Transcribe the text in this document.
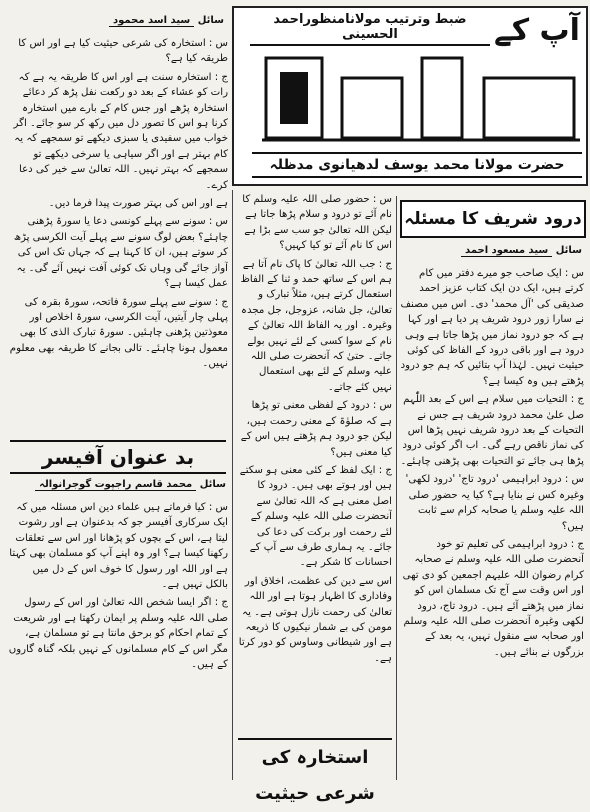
ضبط وترتیب مولانامنظوراحمد الحسینی	آپ کے
حضرت مولانا محمد یوسف لدھیانوی مدظلہ
سائل سید اسد محمود

س : استخارہ کی شرعی حیثیت کیا ہے اور اس کا طریقہ کیا ہے؟

ج : استخارہ سنت ہے اور اس کا طریقہ یہ ہے کہ رات کو عشاء کے بعد دو رکعت نفل پڑھ کر دعائے استخارہ پڑھے اور جس کام کے بارے میں استخارہ کرنا ہو اس کا تصور دل میں رکھ کر سو جائے۔ اگر خواب میں سفیدی یا سبزی دیکھے تو سمجھے کہ یہ کام بہتر ہے اور اگر سیاہی یا سرخی دیکھے تو سمجھے کہ بہتر نہیں۔ اللہ تعالیٰ سے خیر کی دعا کرے۔

ہے اور اس کی بہتر صورت پیدا فرما دیں۔

س : سونے سے پہلے کونسی دعا یا سورۃ پڑھنی چاہئے؟ بعض لوگ سونے سے پہلے آیت الکرسی پڑھ کر سوتے ہیں، ان کا کہنا ہے کہ جہاں تک اس کی آواز جائے گی وہاں تک کوئی آفت نہیں آئے گی۔ یہ عمل کیسا ہے؟

ج : سونے سے پہلے سورۃ فاتحہ، سورۃ بقرہ کی پہلی چار آیتیں، آیت الکرسی، سورۃ اخلاص اور معوذتین پڑھنی چاہئیں۔ سورۃ تبارک الذی کا بھی معمول ہونا چاہئے۔ تالی بجانے کا طریقہ بھی معلوم نہیں۔

بد عنوان آفیسر
سائل محمد قاسم راجپوت گوجرانوالہ

س : کیا فرماتے ہیں علماء دین اس مسئلہ میں کہ ایک سرکاری آفیسر جو کہ بدعنوان ہے اور رشوت لیتا ہے، اس کے بچوں کو پڑھانا اور اس سے تعلقات رکھنا کیسا ہے؟ اور وہ اپنے آپ کو مسلمان بھی کہتا ہے اور اللہ اور رسول کا خوف اس کے دل میں بالکل نہیں ہے۔

ج : اگر ایسا شخص اللہ تعالیٰ اور اس کے رسول صلی اللہ علیہ وسلم پر ایمان رکھتا ہے اور شریعت کے تمام احکام کو برحق مانتا ہے تو مسلمان ہے، مگر اس کے کام مسلمانوں کے نہیں بلکہ گناہ گاروں کے ہیں۔

درود شریف کا مسئلہ
سائل سید مسعود احمد

س : ایک صاحب جو میرے دفتر میں کام کرتے ہیں، ایک دن ایک کتاب عزیز احمد صدیقی کی 'آل محمد' دی۔ اس میں مصنف نے سارا زور درود شریف پر دیا ہے اور کہا ہے کہ جو درود نماز میں پڑھا جاتا ہے وہی درود ہے اور باقی درود کے الفاظ کی کوئی حیثیت نہیں۔ لہٰذا آپ بتائیں کہ ہم جو درود پڑھتے ہیں وہ کیسا ہے؟

ج : التحیات میں سلام ہے اس کے بعد اللّٰہم صل علیٰ محمد درود شریف ہے جس نے التحیات کے بعد درود شریف نہیں پڑھا اس کی نماز ناقص رہے گی۔ اب اگر کوئی درود پڑھا ہی جائے تو التحیات بھی پڑھنی چاہئے۔

س : درود ابراہیمی 'درود تاج' 'درود لکھی' وغیرہ کس نے بنایا ہے؟ کیا یہ حضور صلی اللہ علیہ وسلم یا صحابہ کرام سے ثابت ہیں؟

ج : درود ابراہیمی کی تعلیم تو خود آنحضرت صلی اللہ علیہ وسلم نے صحابہ کرام رضوان اللہ علیہم اجمعین کو دی تھی اور اس وقت سے آج تک مسلمان اس کو نماز میں پڑھتے آئے ہیں۔ درود تاج، درود لکھی وغیرہ آنحضرت صلی اللہ علیہ وسلم اور صحابہ سے منقول نہیں، یہ بعد کے بزرگوں نے بنائے ہیں۔

س : حضور صلی اللہ علیہ وسلم کا نام آئے تو درود و سلام پڑھا جاتا ہے لیکن اللہ تعالیٰ جو سب سے بڑا ہے اس کا نام آئے تو کیا کہیں؟

ج : جب اللہ تعالیٰ کا پاک نام آتا ہے ہم اس کے ساتھ حمد و ثنا کے الفاظ استعمال کرتے ہیں، مثلاً تبارک و تعالیٰ، جل شانہ، عزوجل، جل مجدہ وغیرہ۔ اور یہ الفاظ اللہ تعالیٰ کے نام کے سوا کسی کے لئے نہیں بولے جاتے۔ حتیٰ کہ آنحضرت صلی اللہ علیہ وسلم کے لئے بھی استعمال نہیں کئے جاتے۔

س : درود کے لفظی معنی تو پڑھا ہے کہ صلوٰۃ کے معنی رحمت ہیں، لیکن جو درود ہم پڑھتے ہیں اس کے کیا معنی ہیں؟

ج : ایک لفظ کے کئی معنی ہو سکتے ہیں اور ہوتے بھی ہیں۔ درود کا اصل معنی ہے کہ اللہ تعالیٰ سے آنحضرت صلی اللہ علیہ وسلم کے لئے رحمت اور برکت کی دعا کی جائے۔ یہ ہماری طرف سے آپ کے احسانات کا شکر ہے۔

اس سے دین کی عظمت، اخلاق اور وفاداری کا اظہار ہوتا ہے اور اللہ تعالیٰ کی رحمت نازل ہوتی ہے۔ یہ مومن کی بے شمار نیکیوں کا ذریعہ ہے اور شیطانی وساوس کو دور کرتا ہے۔

استخارہ کی شرعی حیثیت
